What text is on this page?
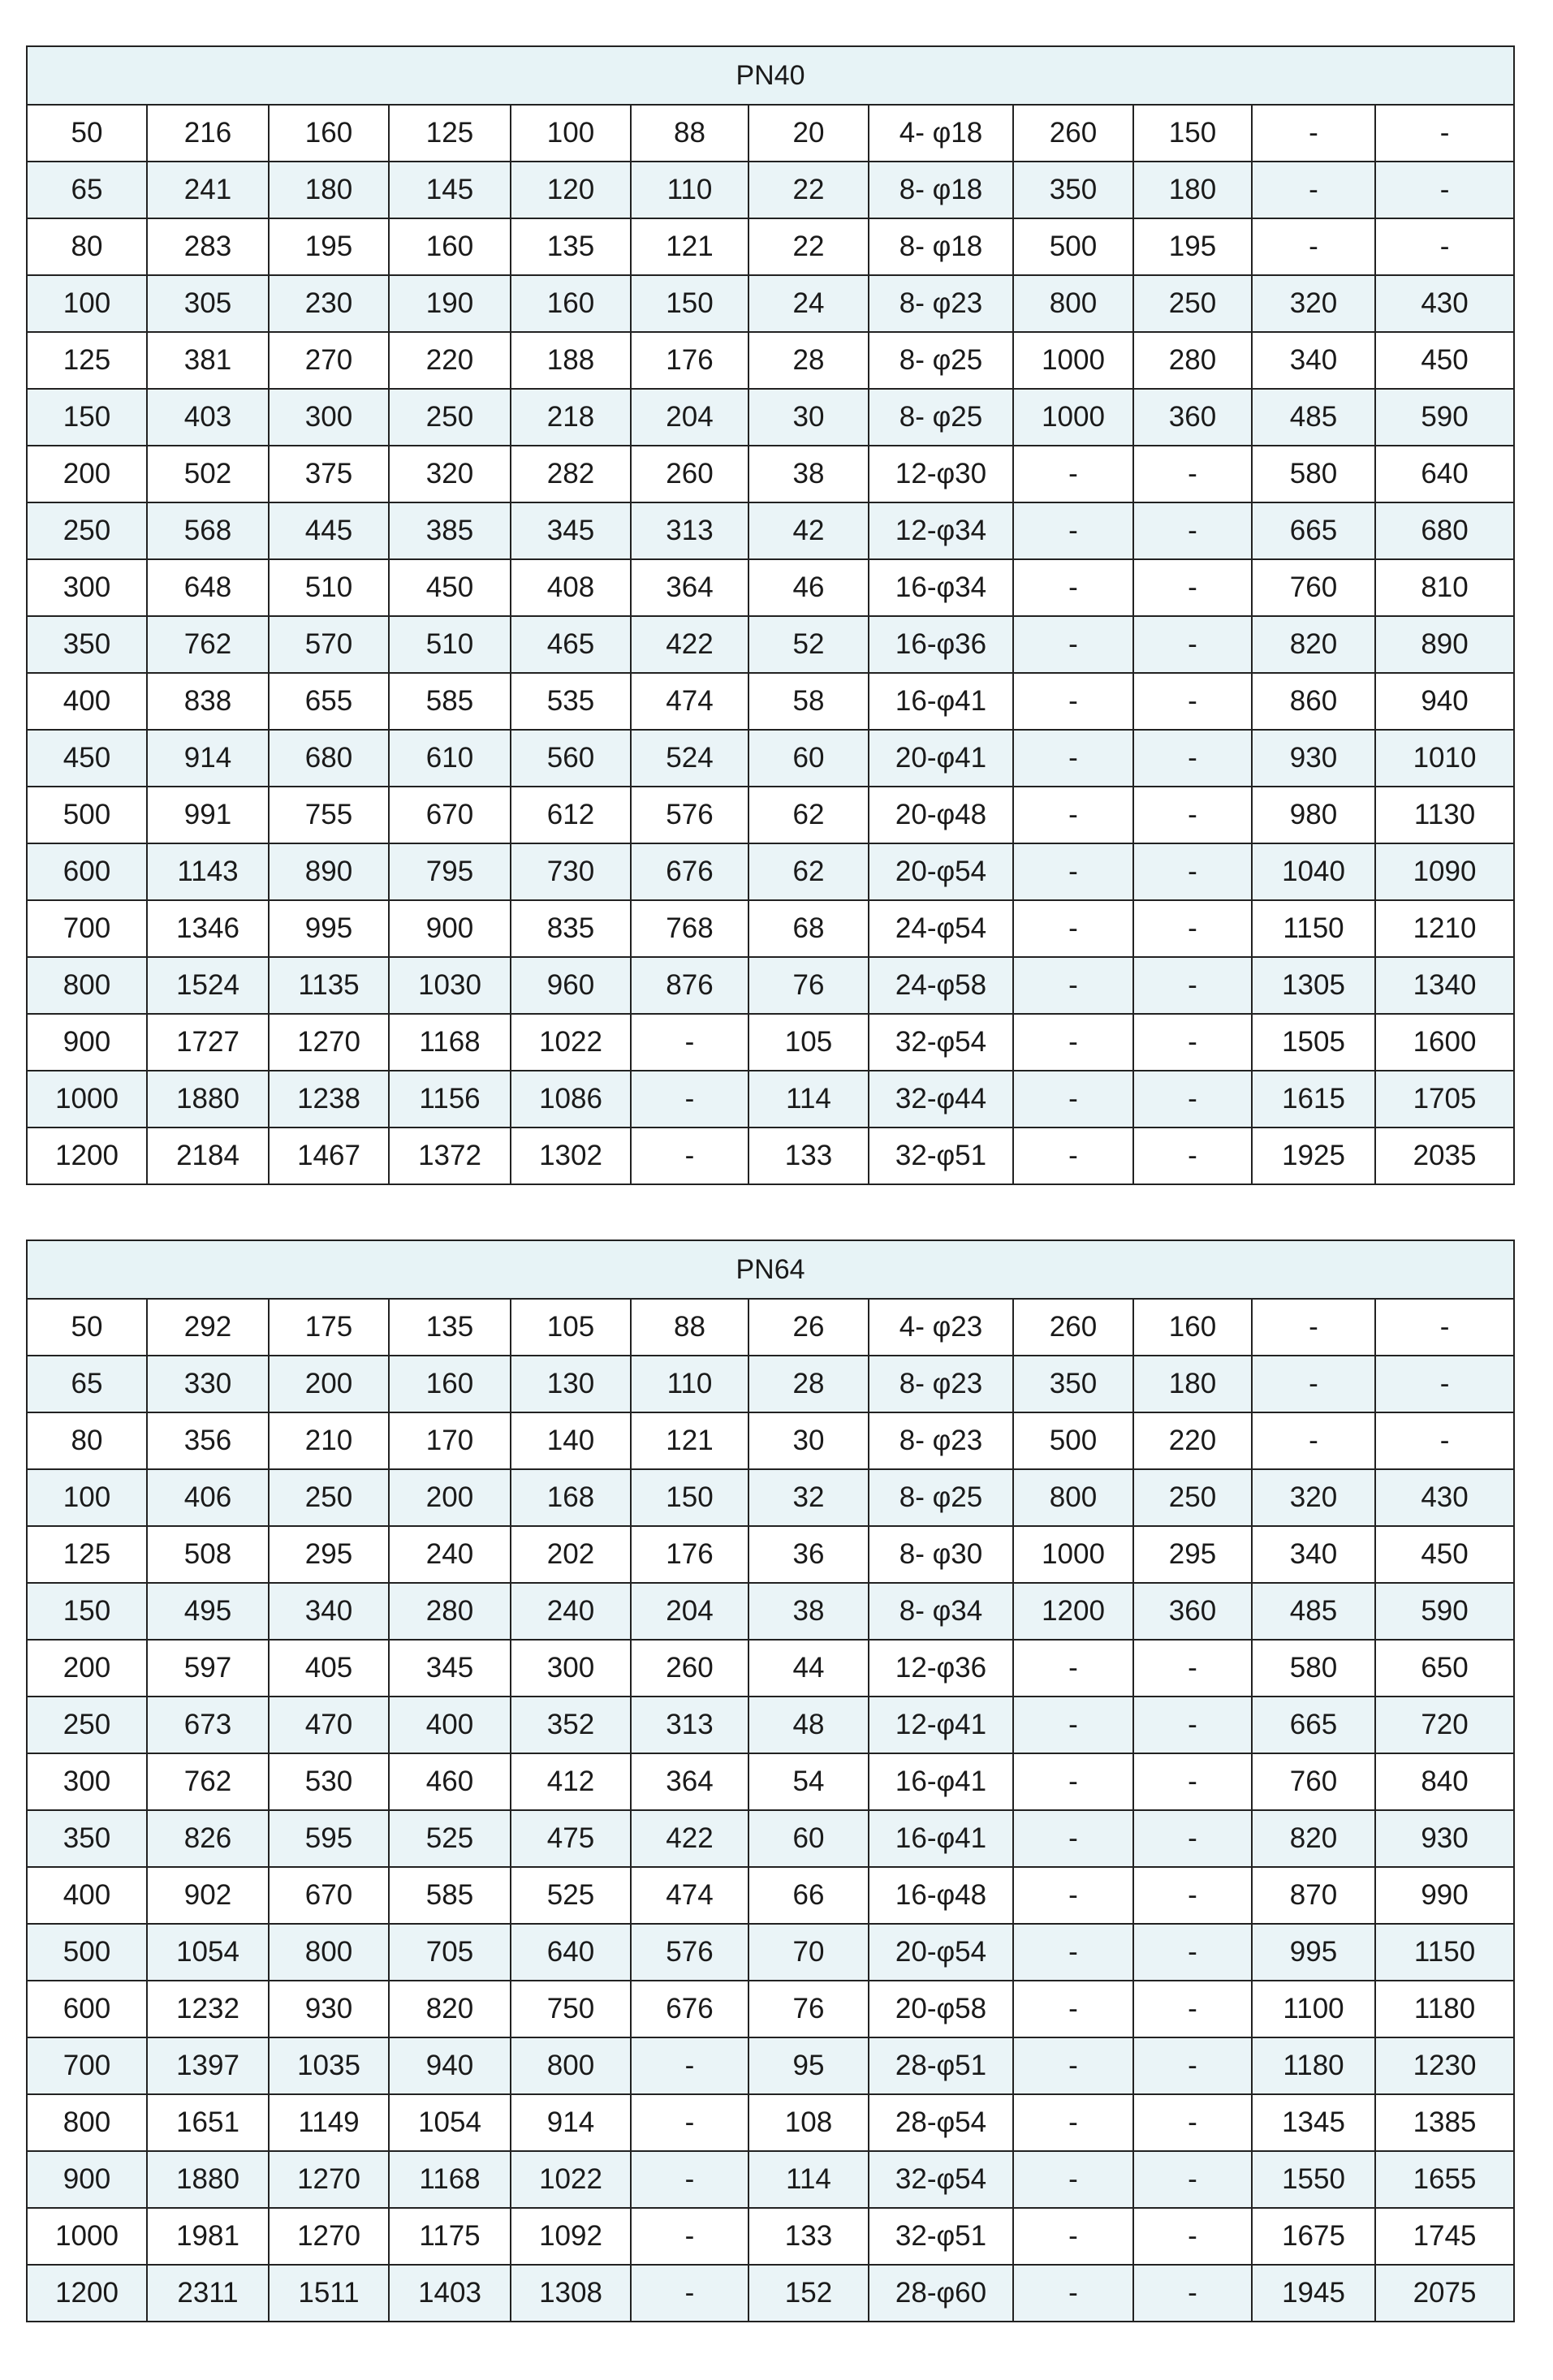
PN40											
50	216	160	125	100	88	20	4- φ18	260	150	-	-
65	241	180	145	120	110	22	8- φ18	350	180	-	-
80	283	195	160	135	121	22	8- φ18	500	195	-	-
100	305	230	190	160	150	24	8- φ23	800	250	320	430
125	381	270	220	188	176	28	8- φ25	1000	280	340	450
150	403	300	250	218	204	30	8- φ25	1000	360	485	590
200	502	375	320	282	260	38	12-φ30	-	-	580	640
250	568	445	385	345	313	42	12-φ34	-	-	665	680
300	648	510	450	408	364	46	16-φ34	-	-	760	810
350	762	570	510	465	422	52	16-φ36	-	-	820	890
400	838	655	585	535	474	58	16-φ41	-	-	860	940
450	914	680	610	560	524	60	20-φ41	-	-	930	1010
500	991	755	670	612	576	62	20-φ48	-	-	980	1130
600	1143	890	795	730	676	62	20-φ54	-	-	1040	1090
700	1346	995	900	835	768	68	24-φ54	-	-	1150	1210
800	1524	1135	1030	960	876	76	24-φ58	-	-	1305	1340
900	1727	1270	1168	1022	-	105	32-φ54	-	-	1505	1600
1000	1880	1238	1156	1086	-	114	32-φ44	-	-	1615	1705
1200	2184	1467	1372	1302	-	133	32-φ51	-	-	1925	2035
PN64											
50	292	175	135	105	88	26	4- φ23	260	160	-	-
65	330	200	160	130	110	28	8- φ23	350	180	-	-
80	356	210	170	140	121	30	8- φ23	500	220	-	-
100	406	250	200	168	150	32	8- φ25	800	250	320	430
125	508	295	240	202	176	36	8- φ30	1000	295	340	450
150	495	340	280	240	204	38	8- φ34	1200	360	485	590
200	597	405	345	300	260	44	12-φ36	-	-	580	650
250	673	470	400	352	313	48	12-φ41	-	-	665	720
300	762	530	460	412	364	54	16-φ41	-	-	760	840
350	826	595	525	475	422	60	16-φ41	-	-	820	930
400	902	670	585	525	474	66	16-φ48	-	-	870	990
500	1054	800	705	640	576	70	20-φ54	-	-	995	1150
600	1232	930	820	750	676	76	20-φ58	-	-	1100	1180
700	1397	1035	940	800	-	95	28-φ51	-	-	1180	1230
800	1651	1149	1054	914	-	108	28-φ54	-	-	1345	1385
900	1880	1270	1168	1022	-	114	32-φ54	-	-	1550	1655
1000	1981	1270	1175	1092	-	133	32-φ51	-	-	1675	1745
1200	2311	1511	1403	1308	-	152	28-φ60	-	-	1945	2075
